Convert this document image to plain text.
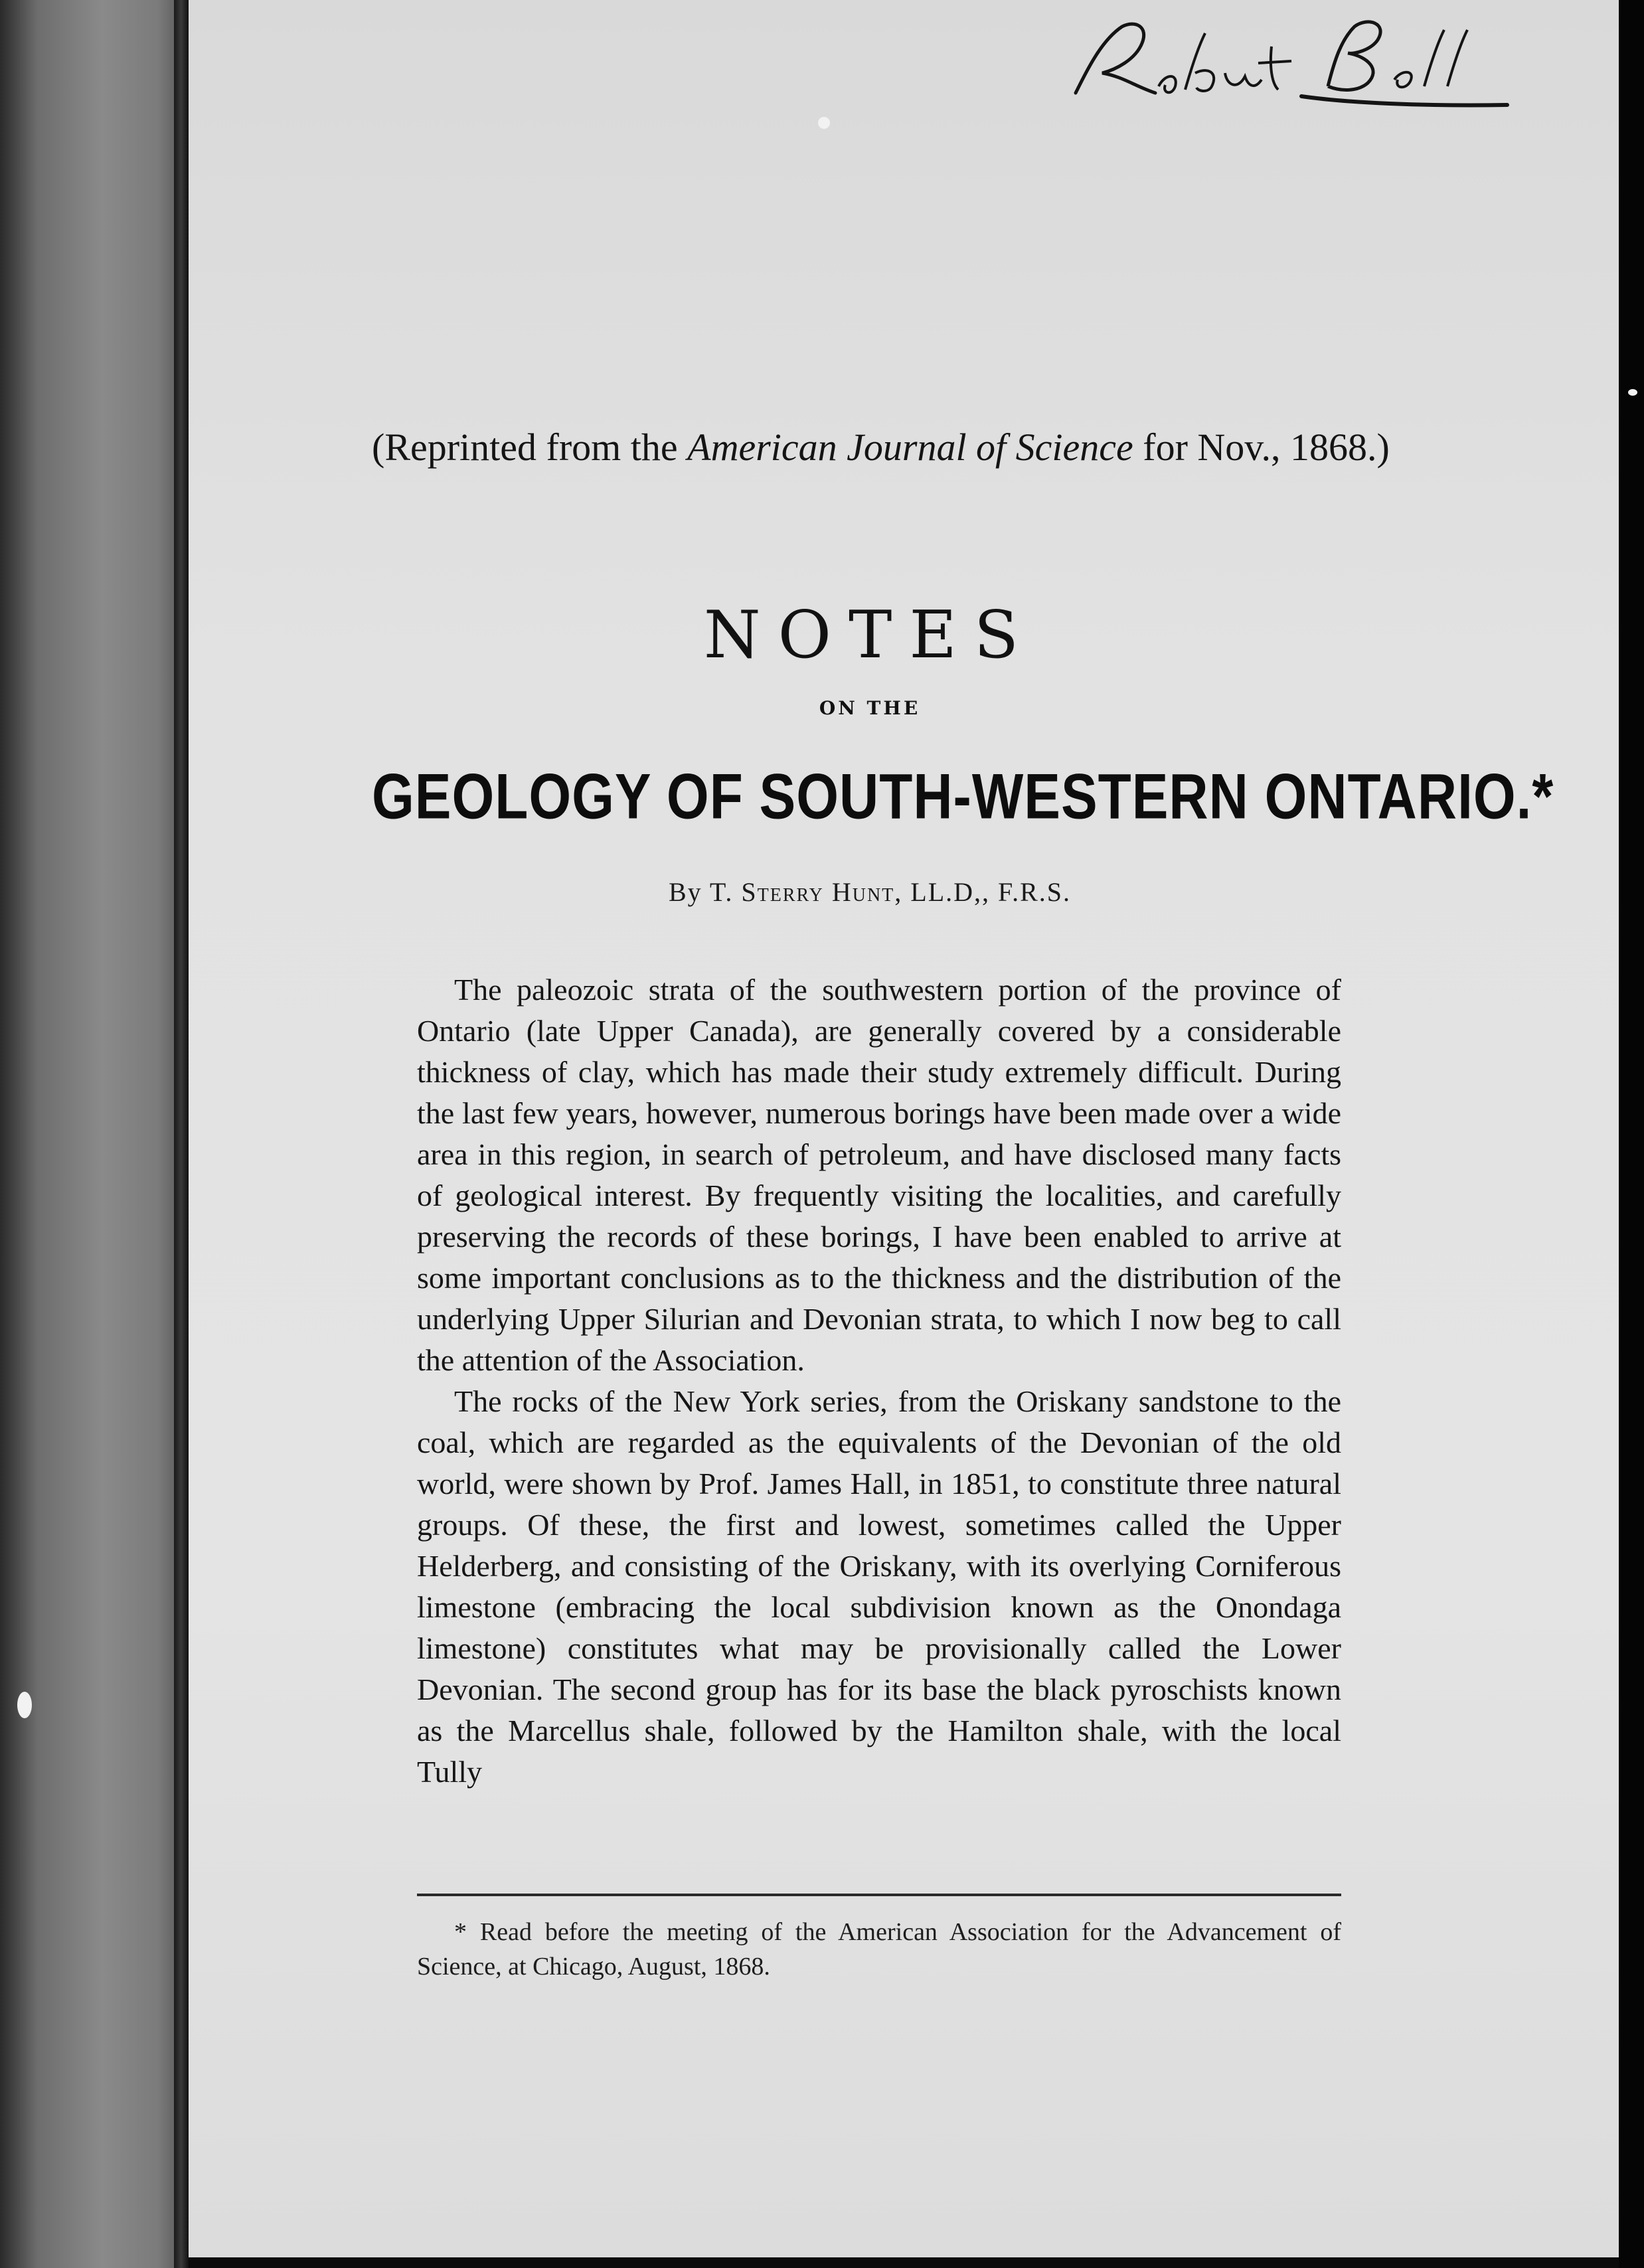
(Reprinted from the American Journal of Science for Nov., 1868.)
NOTES
ON THE
GEOLOGY OF SOUTH-WESTERN ONTARIO.*
By T. Sterry Hunt, LL.D,, F.R.S.

The paleozoic strata of the southwestern portion of the province of Ontario (late Upper Canada), are generally covered by a considerable thickness of clay, which has made their study extremely difficult. During the last few years, however, numerous borings have been made over a wide area in this region, in search of petroleum, and have disclosed many facts of geological interest. By frequently visiting the localities, and carefully preserving the records of these borings, I have been enabled to arrive at some important conclusions as to the thickness and the distribution of the underlying Upper Silurian and Devonian strata, to which I now beg to call the attention of the Association.

The rocks of the New York series, from the Oriskany sandstone to the coal, which are regarded as the equivalents of the Devonian of the old world, were shown by Prof. James Hall, in 1851, to constitute three natural groups. Of these, the first and lowest, sometimes called the Upper Helderberg, and consisting of the Oriskany, with its overlying Corniferous limestone (embracing the local subdivision known as the Onondaga limestone) constitutes what may be provisionally called the Lower Devonian. The second group has for its base the black pyroschists known as the Marcellus shale, followed by the Hamilton shale, with the local Tully

* Read before the meeting of the American Association for the Advancement of Science, at Chicago, August, 1868.
